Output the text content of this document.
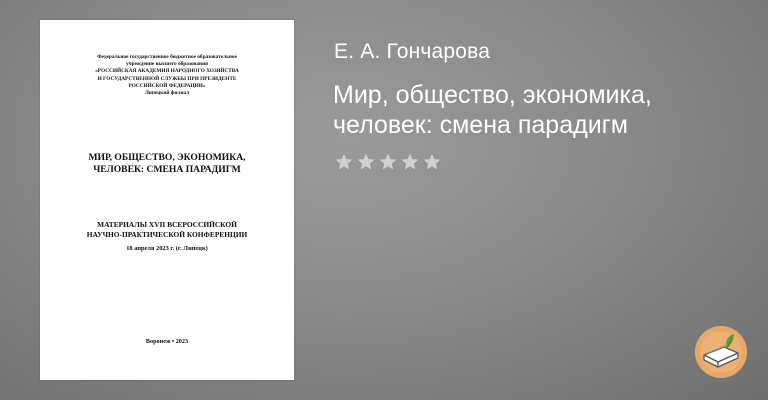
Федеральное государственное бюджетное образовательное
учреждение высшего образования
«РОССИЙСКАЯ АКАДЕМИЯ НАРОДНОГО ХОЗЯЙСТВА
И ГОСУДАРСТВЕННОЙ СЛУЖБЫ ПРИ ПРЕЗИДЕНТЕ
РОССИЙСКОЙ ФЕДЕРАЦИИ»
Липецкий филиал
МИР, ОБЩЕСТВО, ЭКОНОМИКА,
ЧЕЛОВЕК: СМЕНА ПАРАДИГМ
МАТЕРИАЛЫ XVII ВСЕРОССИЙСКОЙ
НАУЧНО-ПРАКТИЧЕСКОЙ КОНФЕРЕНЦИИ
18 апреля 2023 г. (г. Липецк)
Воронеж • 2023
Е. А. Гончарова
Мир, общество, экономика,
человек: смена парадигм
